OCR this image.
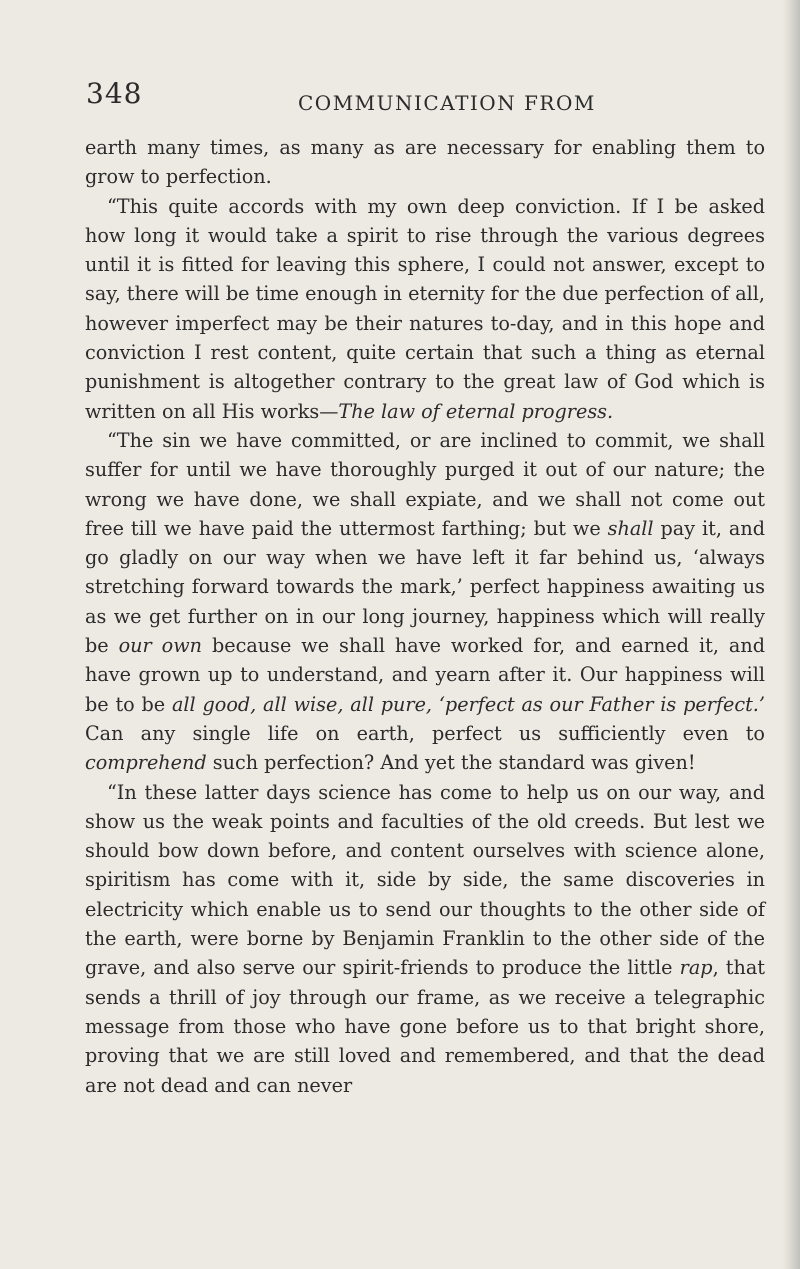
348	COMMUNICATION FROM

earth many times, as many as are necessary for enabling them to grow to perfection.

“This quite accords with my own deep conviction. If I be asked how long it would take a spirit to rise through the various degrees until it is fitted for leaving this sphere, I could not answer, except to say, there will be time enough in eternity for the due perfection of all, however imperfect may be their natures to-day, and in this hope and conviction I rest content, quite certain that such a thing as eternal punishment is altogether contrary to the great law of God which is written on all His works—The law of eternal progress.

“The sin we have committed, or are inclined to commit, we shall suffer for until we have thoroughly purged it out of our nature; the wrong we have done, we shall expiate, and we shall not come out free till we have paid the uttermost farthing; but we shall pay it, and go gladly on our way when we have left it far behind us, ‘always stretching forward towards the mark,’ perfect happiness awaiting us as we get further on in our long journey, happiness which will really be our own because we shall have worked for, and earned it, and have grown up to understand, and yearn after it. Our happiness will be to be all good, all wise, all pure, ‘perfect as our Father is perfect.’ Can any single life on earth, perfect us sufficiently even to comprehend such perfection? And yet the standard was given!

“In these latter days science has come to help us on our way, and show us the weak points and faculties of the old creeds. But lest we should bow down before, and content ourselves with science alone, spiritism has come with it, side by side, the same discoveries in electricity which enable us to send our thoughts to the other side of the earth, were borne by Benjamin Franklin to the other side of the grave, and also serve our spirit-friends to produce the little rap, that sends a thrill of joy through our frame, as we receive a telegraphic message from those who have gone before us to that bright shore, proving that we are still loved and remembered, and that the dead are not dead and can never
